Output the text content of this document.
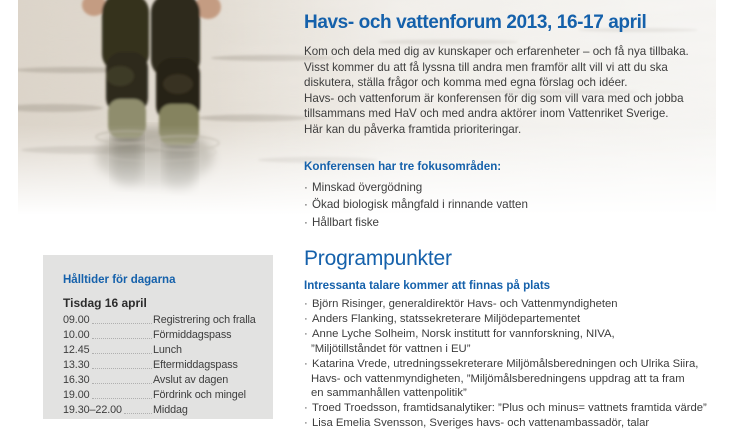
Havs- och vattenforum 2013, 16-17 april
Kom och dela med dig av kunskaper och erfarenheter – och få nya tillbaka.
Visst kommer du att få lyssna till andra men framför allt vill vi att du ska
diskutera, ställa frågor och komma med egna förslag och idéer.
Havs- och vattenforum är konferensen för dig som vill vara med och jobba
tillsammans med HaV och med andra aktörer inom Vattenriket Sverige.
Här kan du påverka framtida prioriteringar.
Konferensen har tre fokusområden:
· Minskad övergödning
· Ökad biologisk mångfald i rinnande vatten
· Hållbart fiske
Hålltider för dagarna
Tisdag 16 april
09.00	Registrering och fralla
10.00	Förmiddagspass
12.45	Lunch
13.30	Eftermiddagspass
16.30	Avslut av dagen
19.00	Fördrink och mingel
19.30–22.00	Middag
Programpunkter
Intressanta talare kommer att finnas på plats
· Björn Risinger, generaldirektör Havs- och Vattenmyndigheten
· Anders Flanking, statssekreterare Miljödepartementet
· Anne Lyche Solheim, Norsk institutt for vannforskning, NIVA,
”Miljötillståndet för vattnen i EU”
· Katarina Vrede, utredningssekreterare Miljömålsberedningen och Ulrika Siira,
Havs- och vattenmyndigheten, ”Miljömålsberedningens uppdrag att ta fram
en sammanhållen vattenpolitik”
· Troed Troedsson, framtidsanalytiker: ”Plus och minus= vattnets framtida värde”
· Lisa Emelia Svensson, Sveriges havs- och vattenambassadör, talar
